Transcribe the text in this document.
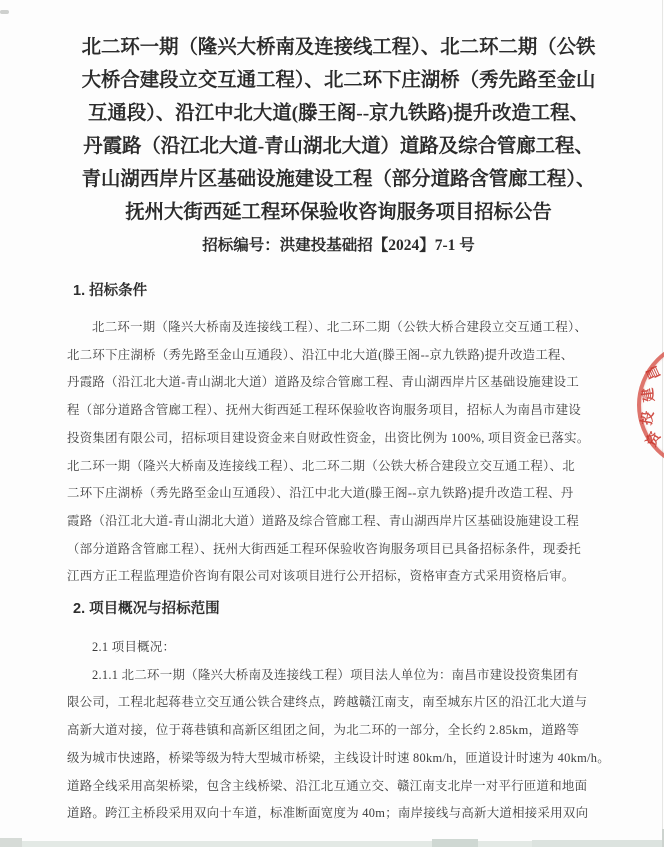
北二环一期（隆兴大桥南及连接线工程）、北二环二期（公铁
大桥合建段立交互通工程）、北二环下庄湖桥（秀先路至金山
互通段）、沿江中北大道(滕王阁--京九铁路)提升改造工程、
丹霞路（沿江北大道-青山湖北大道）道路及综合管廊工程、
青山湖西岸片区基础设施建设工程（部分道路含管廊工程）、
抚州大街西延工程环保验收咨询服务项目招标公告
招标编号：洪建投基础招【2024】7-1 号
1. 招标条件
北二环一期（隆兴大桥南及连接线工程）、北二环二期（公铁大桥合建段立交互通工程）、
北二环下庄湖桥（秀先路至金山互通段）、沿江中北大道(滕王阁--京九铁路)提升改造工程、
丹霞路（沿江北大道-青山湖北大道）道路及综合管廊工程、青山湖西岸片区基础设施建设工
程（部分道路含管廊工程）、抚州大街西延工程环保验收咨询服务项目，招标人为南昌市建设
投资集团有限公司，招标项目建设资金来自财政性资金，出资比例为 100%, 项目资金已落实。
北二环一期（隆兴大桥南及连接线工程）、北二环二期（公铁大桥合建段立交互通工程）、北
二环下庄湖桥（秀先路至金山互通段）、沿江中北大道(滕王阁--京九铁路)提升改造工程、丹
霞路（沿江北大道-青山湖北大道）道路及综合管廊工程、青山湖西岸片区基础设施建设工程
（部分道路含管廊工程）、抚州大街西延工程环保验收咨询服务项目已具备招标条件，现委托
江西方正工程监理造价咨询有限公司对该项目进行公开招标，资格审查方式采用资格后审。
2. 项目概况与招标范围
2.1 项目概况：
2.1.1 北二环一期（隆兴大桥南及连接线工程）项目法人单位为：南昌市建设投资集团有
限公司，工程北起蒋巷立交互通公铁合建终点，跨越赣江南支，南至城东片区的沿江北大道与
高新大道对接，位于蒋巷镇和高新区组团之间，为北二环的一部分，全长约 2.85km，道路等
级为城市快速路，桥梁等级为特大型城市桥梁，主线设计时速 80km/h，匝道设计时速为 40km/h。
道路全线采用高架桥梁，包含主线桥梁、沿江北互通立交、赣江南支北岸一对平行匝道和地面
道路。跨江主桥段采用双向十车道，标准断面宽度为 40m；南岸接线与高新大道相接采用双向
昌
建
投
资
